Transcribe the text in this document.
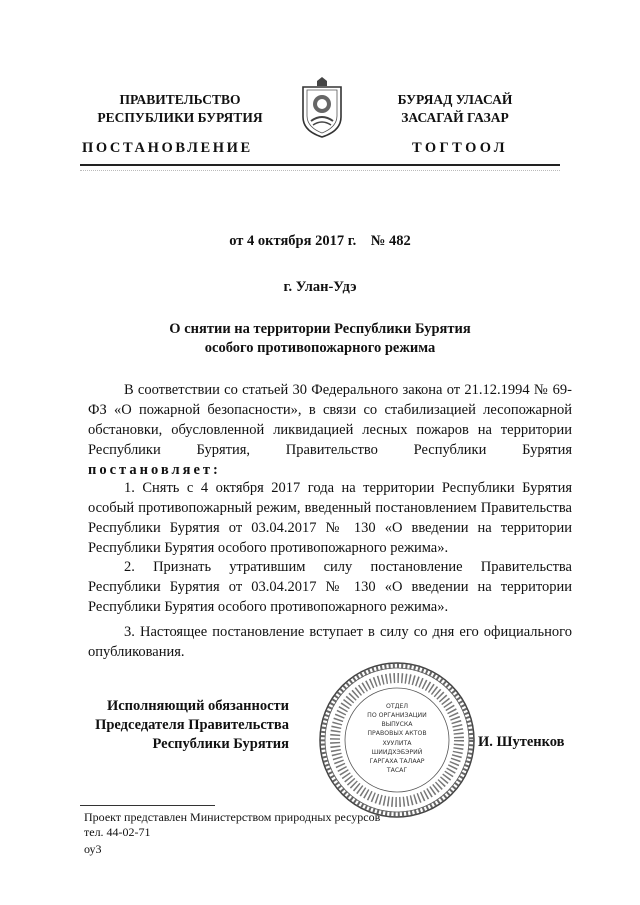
ПРАВИТЕЛЬСТВО
РЕСПУБЛИКИ БУРЯТИЯ
БУРЯАД УЛАСАЙ
ЗАСАГАЙ ГАЗАР
ПОСТАНОВЛЕНИЕ	ТОГТООЛ
от 4 октября 2017 г.    № 482
г. Улан-Удэ
О снятии на территории Республики Бурятия
особого противопожарного режима
В соответствии со статьей 30 Федерального закона от 21.12.1994 № 69-ФЗ «О пожарной безопасности», в связи со стабилизацией лесопожарной обстановки, обусловленной ликвидацией лесных пожаров на территории Республики Бурятия, Правительство Республики Бурятия постановляет:
1. Снять с 4 октября 2017 года на территории Республики Бурятия особый противопожарный режим, введенный постановлением Правительства Республики Бурятия от 03.04.2017 № 130 «О введении на территории Республики Бурятия особого противопожарного режима».
2. Признать утратившим силу постановление Правительства Республики Бурятия от 03.04.2017 № 130 «О введении на территории Республики Бурятия особого противопожарного режима».
3. Настоящее постановление вступает в силу со дня его официального опубликования.
Исполняющий обязанности
Председателя Правительства
Республики Бурятия
ОТДЕЛ
ПО ОРГАНИЗАЦИИ
ВЫПУСКА
ПРАВОВЫХ АКТОВ
ХУУЛИТА
ШИИДХЭБЭРИЙ
ГАРГАХА ТАЛААР
ТАСАГ
И. Шутенков
Проект представлен Министерством природных ресурсов
тел. 44-02-71
оу3
